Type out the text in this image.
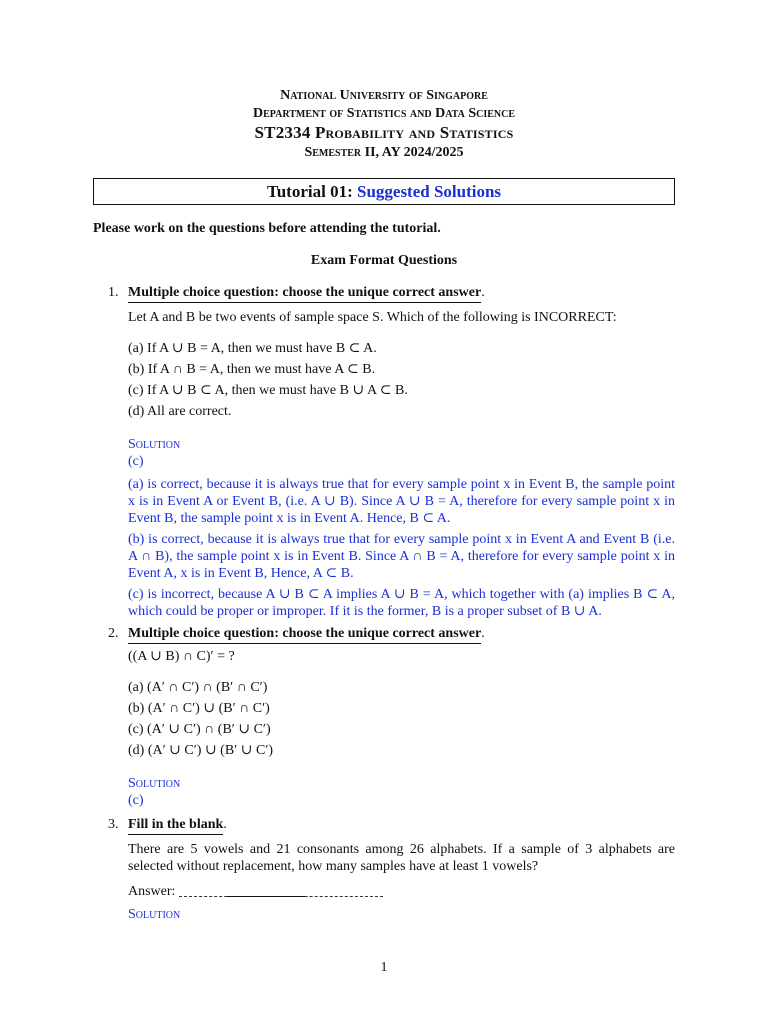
National University of Singapore
Department of Statistics and Data Science
ST2334 Probability and Statistics
Semester II, AY 2024/2025
Tutorial 01: Suggested Solutions
Please work on the questions before attending the tutorial.
Exam Format Questions
1. Multiple choice question: choose the unique correct answer.

Let A and B be two events of sample space S. Which of the following is INCORRECT:

(a) If A ∪ B = A, then we must have B ⊂ A.
(b) If A ∩ B = A, then we must have A ⊂ B.
(c) If A ∪ B ⊂ A, then we must have B ∪ A ⊂ B.
(d) All are correct.
Solution
(c)

(a) is correct, because it is always true that for every sample point x in Event B, the sample point x is in Event A or Event B, (i.e. A ∪ B). Since A ∪ B = A, therefore for every sample point x in Event B, the sample point x is in Event A. Hence, B ⊂ A.

(b) is correct, because it is always true that for every sample point x in Event A and Event B (i.e. A ∩ B), the sample point x is in Event B. Since A ∩ B = A, therefore for every sample point x in Event A, x is in Event B, Hence, A ⊂ B.

(c) is incorrect, because A ∪ B ⊂ A implies A ∪ B = A, which together with (a) implies B ⊂ A, which could be proper or improper. If it is the former, B is a proper subset of B ∪ A.

2. Multiple choice question: choose the unique correct answer.

((A ∪ B) ∩ C)′ = ?

(a) (A′ ∩ C′) ∩ (B′ ∩ C′)
(b) (A′ ∩ C′) ∪ (B′ ∩ C′)
(c) (A′ ∪ C′) ∩ (B′ ∪ C′)
(d) (A′ ∪ C′) ∪ (B′ ∪ C′)
Solution
(c)
3. Fill in the blank.

There are 5 vowels and 21 consonants among 26 alphabets. If a sample of 3 alphabets are selected without replacement, how many samples have at least 1 vowels?

Answer:
Solution
1
